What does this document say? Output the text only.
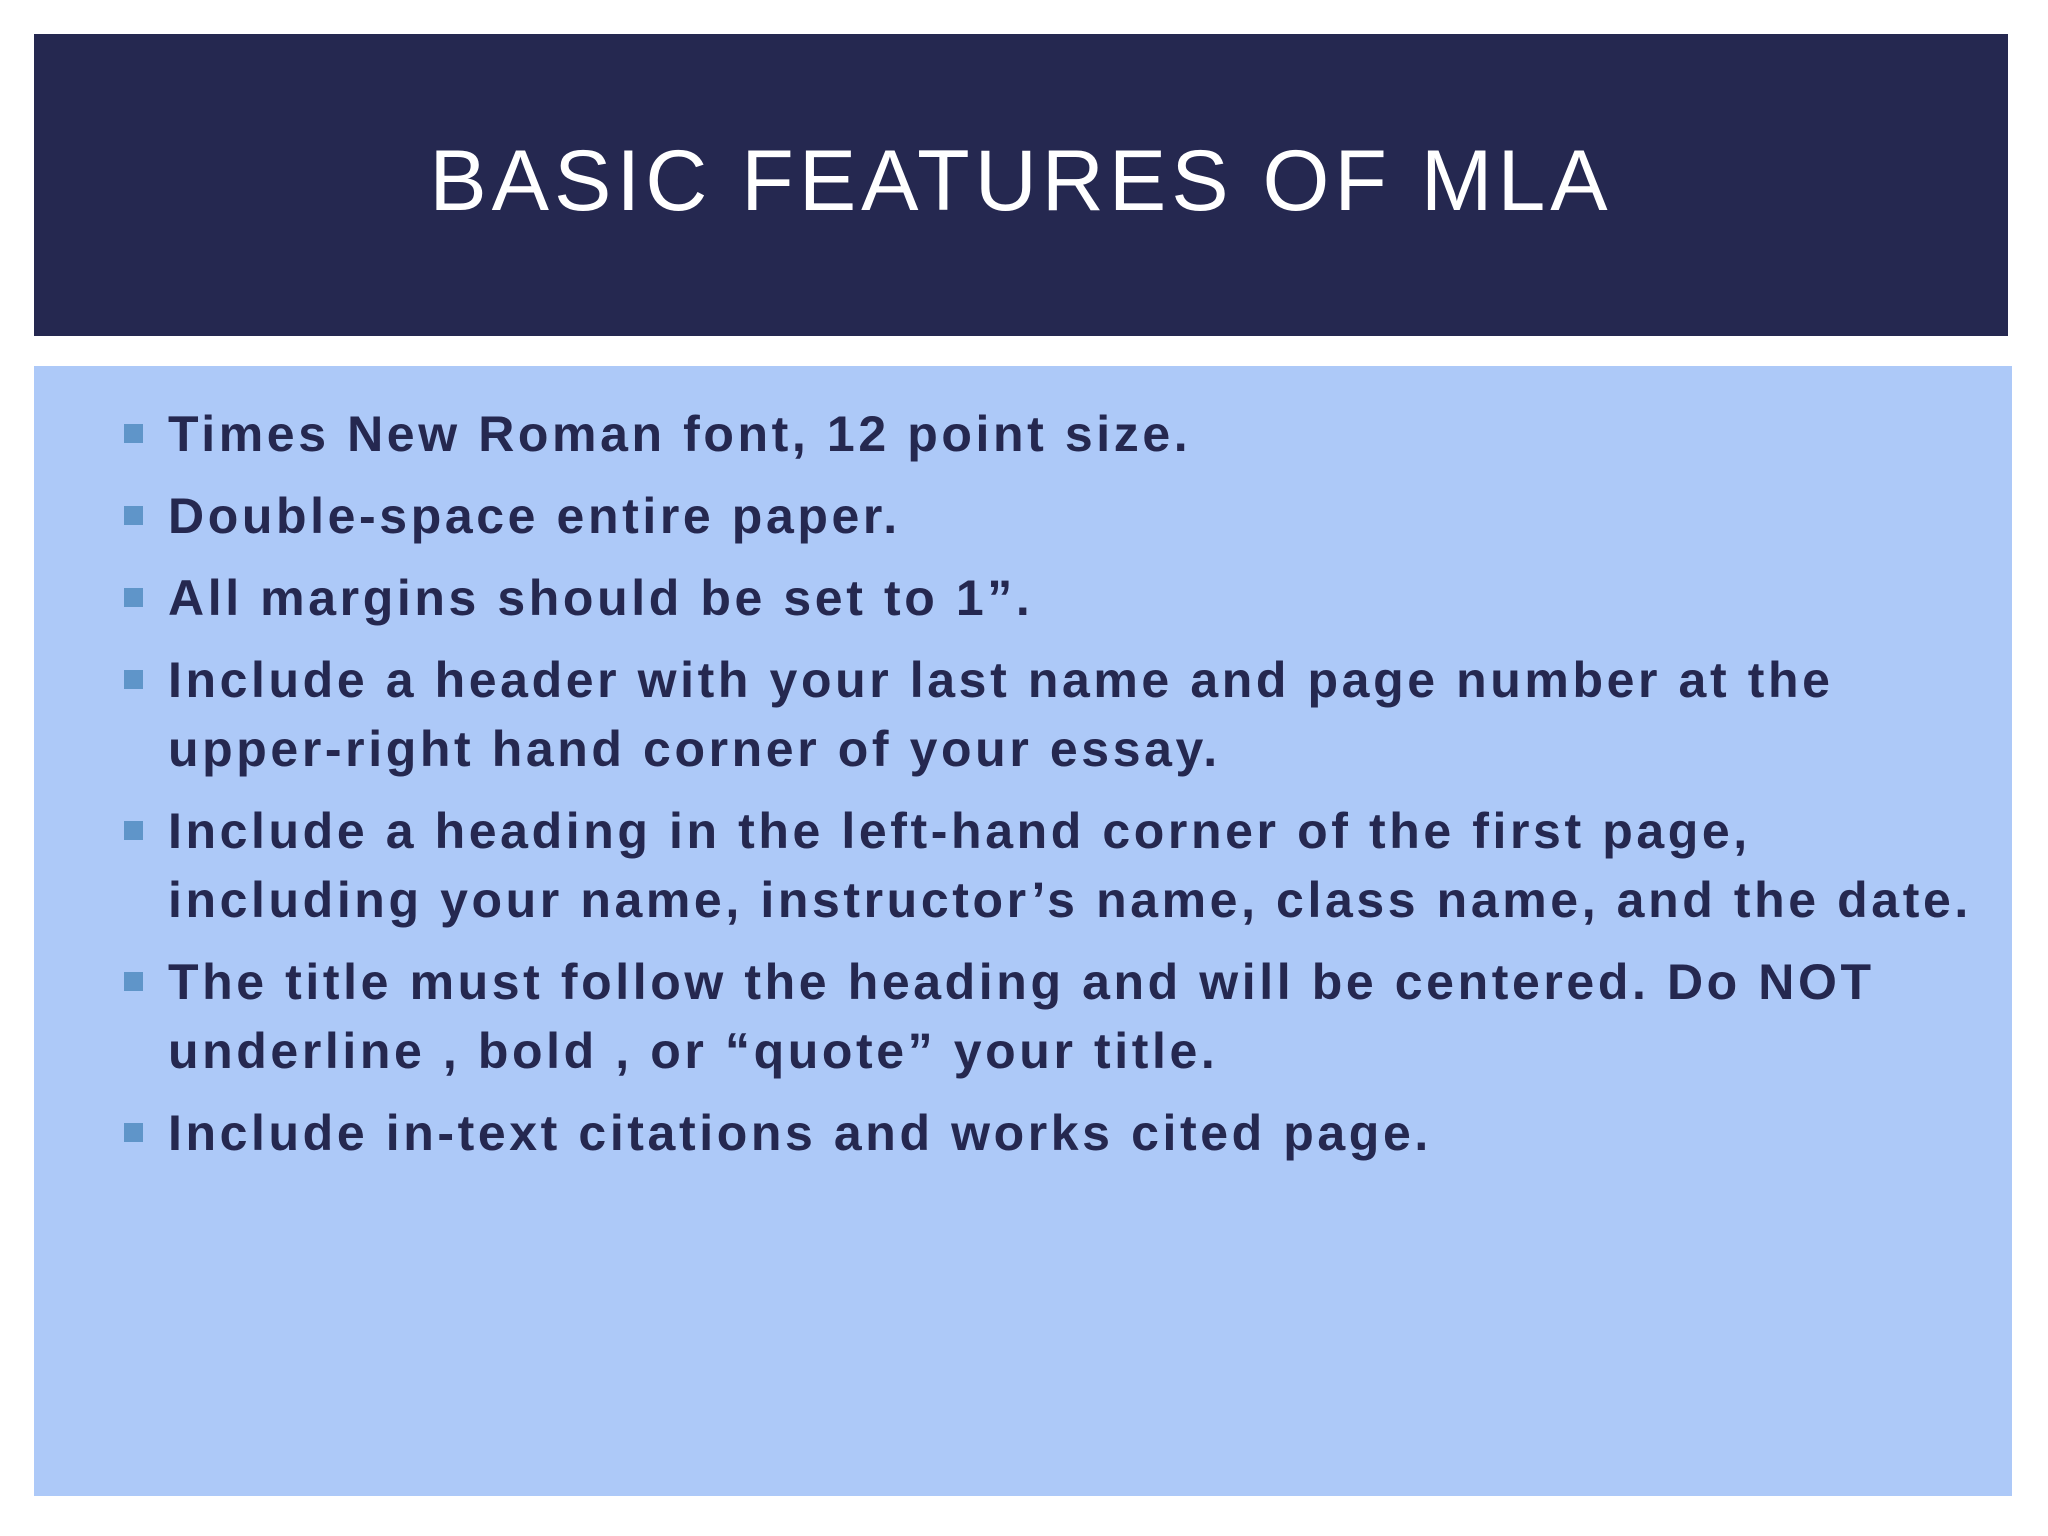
BASIC FEATURES OF MLA
Times New Roman font, 12 point size.
Double-space entire paper.
All margins should be set to 1”.
Include a header with your last name and page number at the upper-right hand corner of your essay.
Include a heading in the left-hand corner of the first page, including your name, instructor’s name, class name, and the date.
The title must follow the heading and will be centered. Do NOT underline , bold , or “quote” your title.
Include in-text citations and works cited page.
